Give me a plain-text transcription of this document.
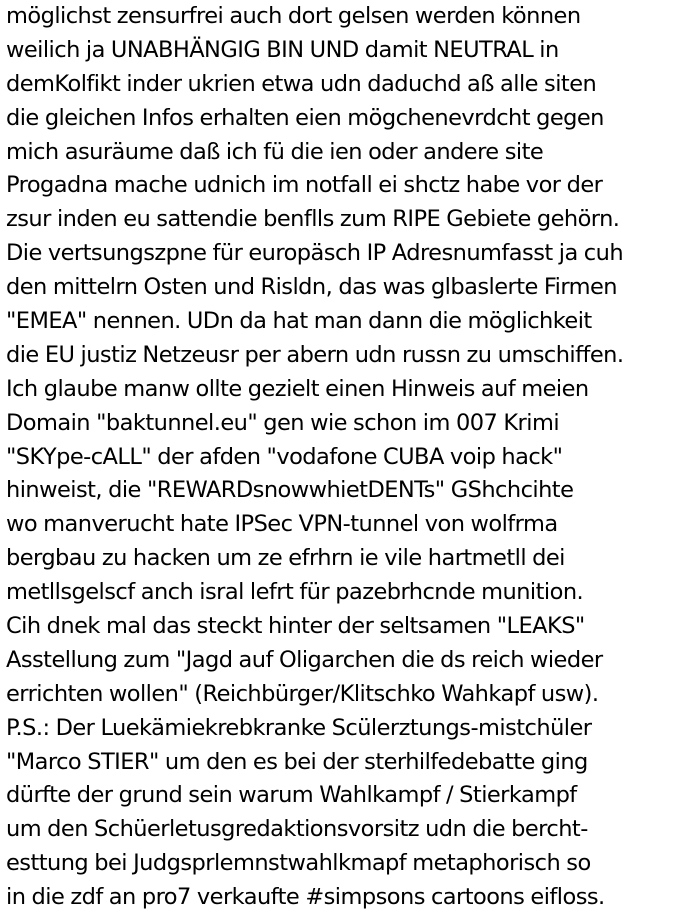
möglichst zensurfrei auch dort gelsen werden können
weilich ja UNABHÄNGIG BIN UND damit NEUTRAL in
demKolfikt inder ukrien etwa udn daduchd aß alle siten
die gleichen Infos erhalten eien mögchenevrdcht gegen
mich asuräume daß ich fü die ien oder andere site
Progadna mache udnich im notfall ei shctz habe vor der
zsur inden eu sattendie benflls zum RIPE Gebiete gehörn.
Die vertsungszpne für europäsch IP Adresnumfasst ja cuh
den mittelrn Osten und Risldn, das was glbaslerte Firmen
"EMEA" nennen. UDn da hat man dann die möglichkeit
die EU justiz Netzeusr per abern udn russn zu umschiffen.
Ich glaube manw ollte gezielt einen Hinweis auf meien
Domain "baktunnel.eu" gen wie schon im 007 Krimi
"SKYpe-cALL" der afden "vodafone CUBA voip hack"
hinweist, die "REWARDsnowwhietDENTs" GShchcihte
wo manverucht hate IPSec VPN-tunnel von wolfrma
bergbau zu hacken um ze efrhrn ie vile hartmetll dei
metllsgelscf anch isral lefrt für pazebrhcnde munition.
Cih dnek mal das steckt hinter der seltsamen "LEAKS"
Asstellung zum "Jagd auf Oligarchen die ds reich wieder
errichten wollen" (Reichbürger/Klitschko Wahkapf usw).
P.S.: Der Luekämiekrebkranke Scülerztungs-mistchüler
"Marco STIER" um den es bei der sterhilfedebatte ging
dürfte der grund sein warum Wahlkampf / Stierkampf
um den Schüerletusgredaktionsvorsitz udn die bercht-
esttung bei Judgsprlemnstwahlkmapf metaphorisch so
in die zdf an pro7 verkaufte #simpsons cartoons eifloss.
